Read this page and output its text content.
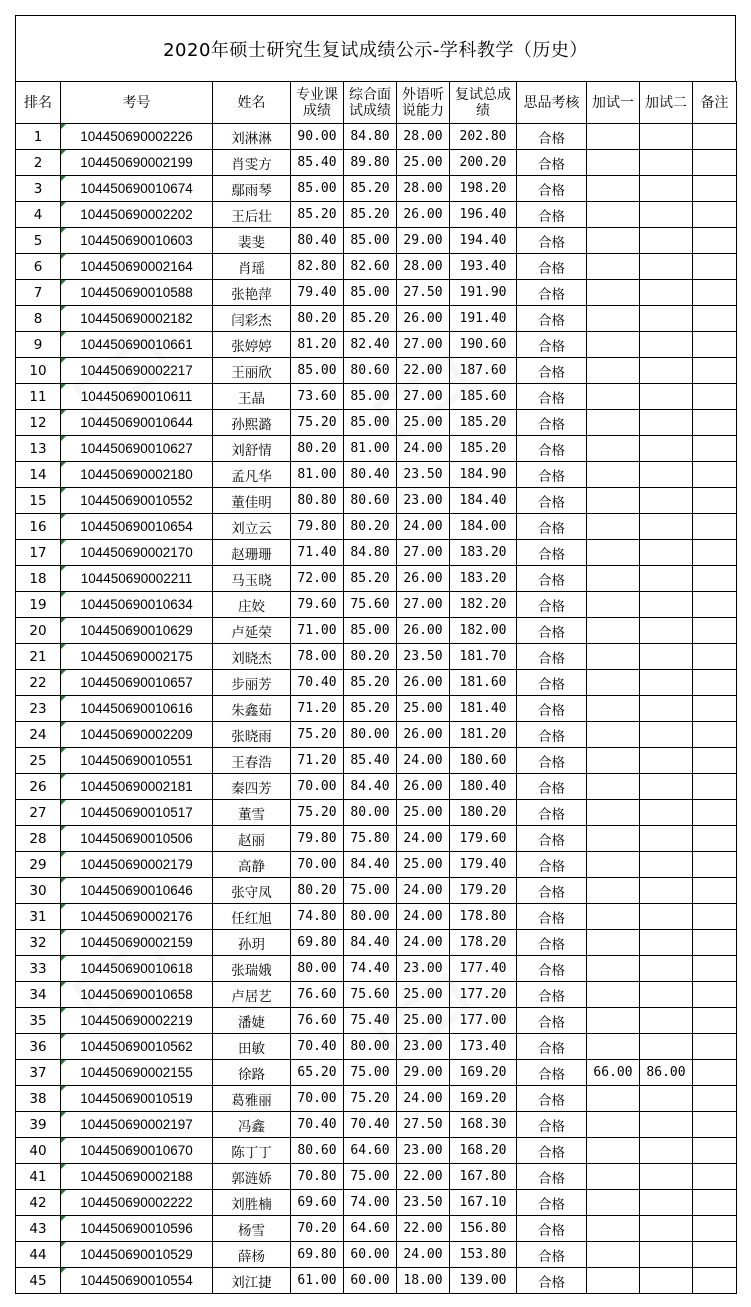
2020年硕士研究生复试成绩公示-学科教学（历史）
排名	考号	姓名	专业课成绩	综合面试成绩	外语听说能力	复试总成绩	思品考核	加试一	加试二	备注
1	104450690002226	刘淋淋	90.00	84.80	28.00	202.80	合格			
2	104450690002199	肖雯方	85.40	89.80	25.00	200.20	合格			
3	104450690010674	鄢雨琴	85.00	85.20	28.00	198.20	合格			
4	104450690002202	王后壮	85.20	85.20	26.00	196.40	合格			
5	104450690010603	裴斐	80.40	85.00	29.00	194.40	合格			
6	104450690002164	肖瑶	82.80	82.60	28.00	193.40	合格			
7	104450690010588	张艳萍	79.40	85.00	27.50	191.90	合格			
8	104450690002182	闫彩杰	80.20	85.20	26.00	191.40	合格			
9	104450690010661	张婷婷	81.20	82.40	27.00	190.60	合格			
10	104450690002217	王丽欣	85.00	80.60	22.00	187.60	合格			
11	104450690010611	王晶	73.60	85.00	27.00	185.60	合格			
12	104450690010644	孙熙潞	75.20	85.00	25.00	185.20	合格			
13	104450690010627	刘舒情	80.20	81.00	24.00	185.20	合格			
14	104450690002180	孟凡华	81.00	80.40	23.50	184.90	合格			
15	104450690010552	董佳明	80.80	80.60	23.00	184.40	合格			
16	104450690010654	刘立云	79.80	80.20	24.00	184.00	合格			
17	104450690002170	赵珊珊	71.40	84.80	27.00	183.20	合格			
18	104450690002211	马玉晓	72.00	85.20	26.00	183.20	合格			
19	104450690010634	庄姣	79.60	75.60	27.00	182.20	合格			
20	104450690010629	卢延荣	71.00	85.00	26.00	182.00	合格			
21	104450690002175	刘晓杰	78.00	80.20	23.50	181.70	合格			
22	104450690010657	步丽芳	70.40	85.20	26.00	181.60	合格			
23	104450690010616	朱鑫茹	71.20	85.20	25.00	181.40	合格			
24	104450690002209	张晓雨	75.20	80.00	26.00	181.20	合格			
25	104450690010551	王春浩	71.20	85.40	24.00	180.60	合格			
26	104450690002181	秦四芳	70.00	84.40	26.00	180.40	合格			
27	104450690010517	董雪	75.20	80.00	25.00	180.20	合格			
28	104450690010506	赵丽	79.80	75.80	24.00	179.60	合格			
29	104450690002179	高静	70.00	84.40	25.00	179.40	合格			
30	104450690010646	张守凤	80.20	75.00	24.00	179.20	合格			
31	104450690002176	任红旭	74.80	80.00	24.00	178.80	合格			
32	104450690002159	孙玥	69.80	84.40	24.00	178.20	合格			
33	104450690010618	张瑞娥	80.00	74.40	23.00	177.40	合格			
34	104450690010658	卢居艺	76.60	75.60	25.00	177.20	合格			
35	104450690002219	潘婕	76.60	75.40	25.00	177.00	合格			
36	104450690010562	田敏	70.40	80.00	23.00	173.40	合格			
37	104450690002155	徐路	65.20	75.00	29.00	169.20	合格	66.00	86.00	
38	104450690010519	葛雅丽	70.00	75.20	24.00	169.20	合格			
39	104450690002197	冯鑫	70.40	70.40	27.50	168.30	合格			
40	104450690010670	陈丁丁	80.60	64.60	23.00	168.20	合格			
41	104450690002188	郭涟娇	70.80	75.00	22.00	167.80	合格			
42	104450690002222	刘胜楠	69.60	74.00	23.50	167.10	合格			
43	104450690010596	杨雪	70.20	64.60	22.00	156.80	合格			
44	104450690010529	薛杨	69.80	60.00	24.00	153.80	合格			
45	104450690010554	刘江捷	61.00	60.00	18.00	139.00	合格			
